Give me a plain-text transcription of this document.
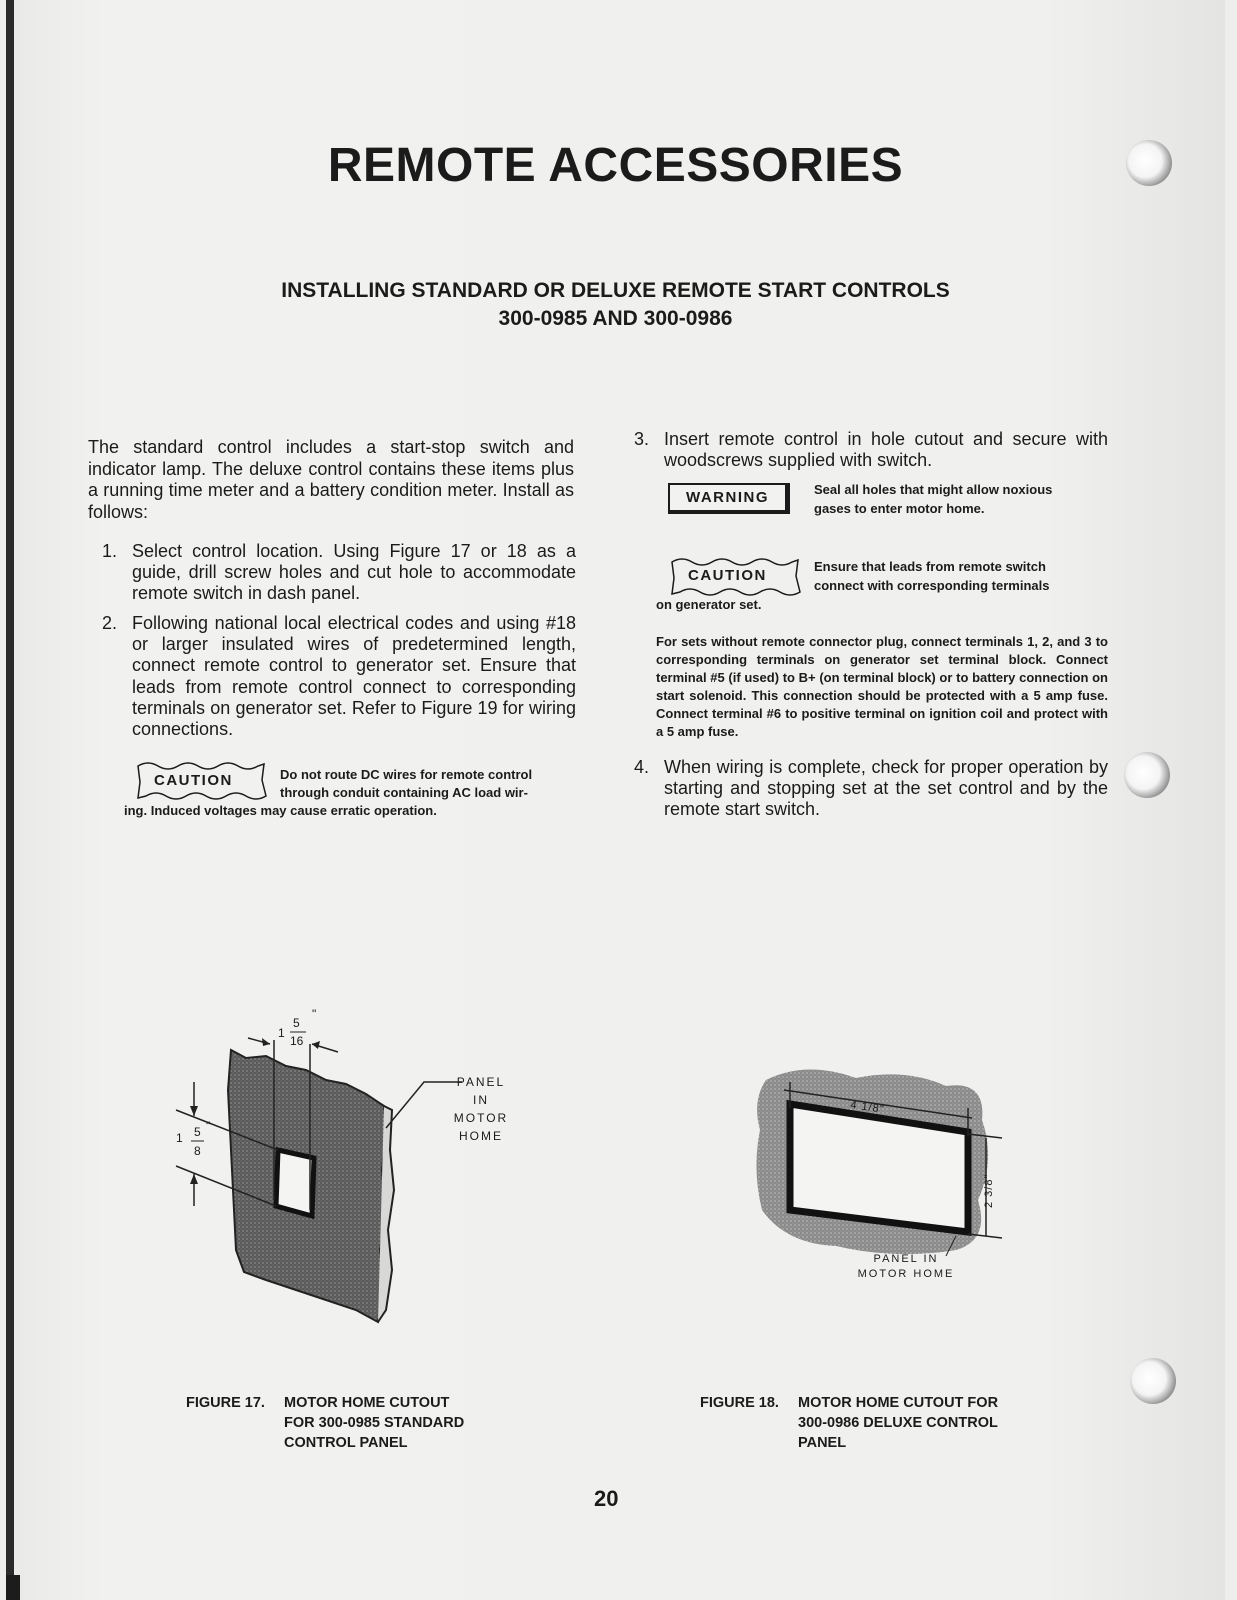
REMOTE ACCESSORIES
INSTALLING STANDARD OR DELUXE REMOTE START CONTROLS
300-0985 AND 300-0986
The standard control includes a start-stop switch and indicator lamp. The deluxe control contains these items plus a running time meter and a battery condition meter. Install as follows:
1. Select control location. Using Figure 17 or 18 as a guide, drill screw holes and cut hole to accommodate remote switch in dash panel.
2. Following national local electrical codes and using #18 or larger insulated wires of predetermined length, connect remote control to generator set. Ensure that leads from remote control connect to corresponding terminals on generator set. Refer to Figure 19 for wiring connections.
CAUTION	Do not route DC wires for remote control
through conduit containing AC load wir-
ing. Induced voltages may cause erratic operation.
3. Insert remote control in hole cutout and secure with woodscrews supplied with switch.
WARNING	Seal all holes that might allow noxious
gases to enter motor home.
CAUTION
Ensure that leads from remote switch
connect with corresponding terminals
on generator set.
For sets without remote connector plug, connect terminals 1, 2, and 3 to corresponding terminals on generator set terminal block. Connect terminal #5 (if used) to B+ (on terminal block) or to battery connection on start solenoid. This connection should be protected with a 5 amp fuse. Connect terminal #6 to positive terminal on ignition coil and protect with a 5 amp fuse.
4. When wiring is complete, check for proper operation by starting and stopping set at the set control and by the remote start switch.
5
16
1
"
1 5
8
"
PANEL
IN
MOTOR
HOME
FIGURE 17. MOTOR HOME CUTOUT
FOR 300-0985 STANDARD
CONTROL PANEL
4 1/8"
2 3/8"
PANEL IN
MOTOR HOME
FIGURE 18. MOTOR HOME CUTOUT FOR
300-0986 DELUXE CONTROL
PANEL
20
